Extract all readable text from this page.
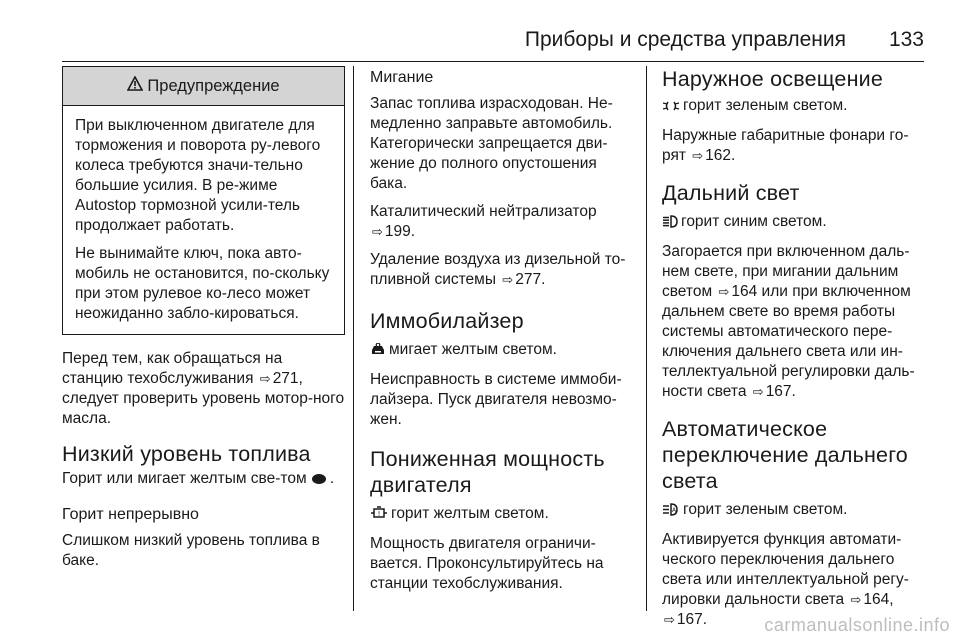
Приборы и средства управления 133
Предупреждение

При выключенном двигателе для торможения и поворота ру-левого колеса требуются значи-тельно большие усилия. В ре-жиме Autostop тормозной усили-тель продолжает работать.

Не вынимайте ключ, пока авто-мобиль не остановится, по-скольку при этом рулевое ко-лесо может неожиданно забло-кироваться.

Перед тем, как обращаться на станцию техобслуживания ⇨ 271, следует проверить уровень мотор-ного масла.

Низкий уровень топлива

Горит или мигает желтым све-том .

Горит непрерывно

Слишком низкий уровень топлива в баке.

Мигание

Запас топлива израсходован. Не-медленно заправьте автомобиль. Категорически запрещается дви-жение до полного опустошения бака.

Каталитический нейтрализатор
⇨ 199.

Удаление воздуха из дизельной то-пливной системы ⇨ 277.

Иммобилайзер

мигает желтым светом.

Неисправность в системе иммоби-лайзера. Пуск двигателя невозмо-жен.

Пониженная мощность двигателя

! горит желтым светом.

Мощность двигателя ограничи-вается. Проконсультируйтесь на станции техобслуживания.

Наружное освещение

горит зеленым светом.

Наружные габаритные фонари го-рят ⇨ 162.

Дальний свет

горит синим светом.

Загорается при включенном даль-нем свете, при мигании дальним светом ⇨ 164 или при включенном дальнем свете во время работы системы автоматического пере-ключения дальнего света или ин-теллектуальной регулировки даль-ности света ⇨ 167.

Автоматическое переключение дальнего света

A горит зеленым светом.

Активируется функция автомати-ческого переключения дальнего света или интеллектуальной регу-лировки дальности света ⇨ 164,
⇨ 167.	carmanualsonline.info
